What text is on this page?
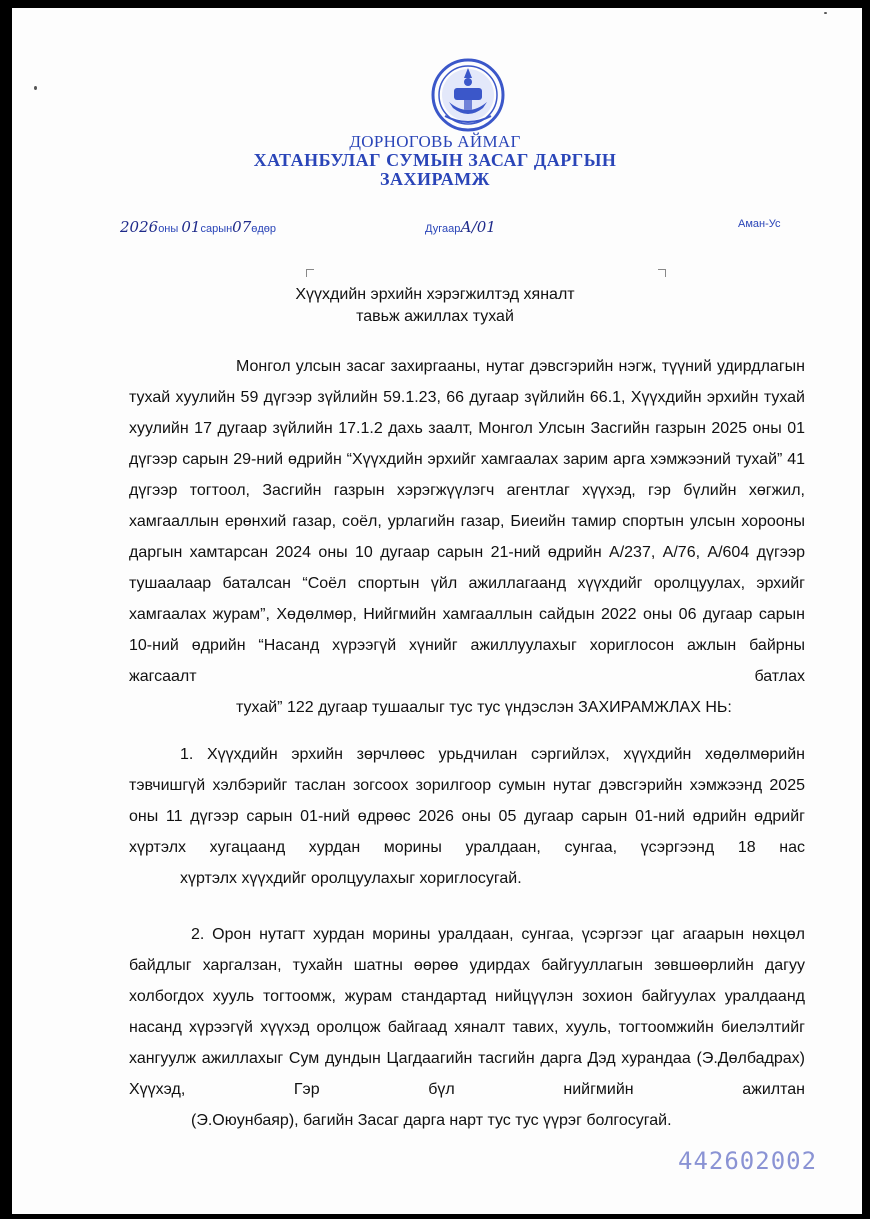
ДОРНОГОВЬ АЙМАГ

ХАТАНБУЛАГ СУМЫН ЗАСАГ ДАРГЫН

ЗАХИРАМЖ

2026оны 01сарын07өдөр	ДугаарА/01	Аман-Ус
Хүүхдийн эрхийн хэрэгжилтэд хяналт
тавьж ажиллах тухай
Монгол улсын засаг захиргааны, нутаг дэвсгэрийн нэгж, түүний удирдлагын тухай хуулийн 59 дүгээр зүйлийн 59.1.23, 66 дугаар зүйлийн 66.1, Хүүхдийн эрхийн тухай хуулийн 17 дугаар зүйлийн 17.1.2 дахь заалт, Монгол Улсын Засгийн газрын 2025 оны 01 дүгээр сарын 29-ний өдрийн “Хүүхдийн эрхийг хамгаалах зарим арга хэмжээний тухай” 41 дүгээр тогтоол, Засгийн газрын хэрэгжүүлэгч агентлаг хүүхэд, гэр бүлийн хөгжил, хамгааллын ерөнхий газар, соёл, урлагийн газар, Биеийн тамир спортын улсын хорооны даргын хамтарсан 2024 оны 10 дугаар сарын 21-ний өдрийн А/237, А/76, А/604 дүгээр тушаалаар баталсан “Соёл спортын үйл ажиллагаанд хүүхдийг оролцуулах, эрхийг хамгаалах журам”, Хөдөлмөр, Нийгмийн хамгааллын сайдын 2022 оны 06 дугаар сарын 10-ний өдрийн “Насанд хүрээгүй хүнийг ажиллуулахыг хориглосон ажлын байрны жагсаалт батлах
тухай” 122 дугаар тушаалыг тус тус үндэслэн ЗАХИРАМЖЛАХ НЬ:
1. Хүүхдийн эрхийн зөрчлөөс урьдчилан сэргийлэх, хүүхдийн хөдөлмөрийн тэвчишгүй хэлбэрийг таслан зогсоох зорилгоор сумын нутаг дэвсгэрийн хэмжээнд 2025 оны 11 дүгээр сарын 01-ний өдрөөс 2026 оны 05 дугаар сарын 01-ний өдрийн өдрийг хүртэлх хугацаанд хурдан морины уралдаан, сунгаа, үсэргээнд 18 нас
хүртэлх хүүхдийг оролцуулахыг хориглосугай.
2. Орон нутагт хурдан морины уралдаан, сунгаа, үсэргээг цаг агаарын нөхцөл байдлыг харгалзан, тухайн шатны өөрөө удирдах байгууллагын зөвшөөрлийн дагуу холбогдох хууль тогтоомж, журам стандартад нийцүүлэн зохион байгуулах уралдаанд насанд хүрээгүй хүүхэд оролцож байгаад хяналт тавих, хууль, тогтоомжийн биелэлтийг хангуулж ажиллахыг Сум дундын Цагдаагийн тасгийн дарга Дэд хурандаа (Э.Дөлбадрах) Хүүхэд, Гэр бүл нийгмийн ажилтан
(Э.Оюунбаяр), багийн Засаг дарга нарт тус тус үүрэг болгосугай.
442602002
